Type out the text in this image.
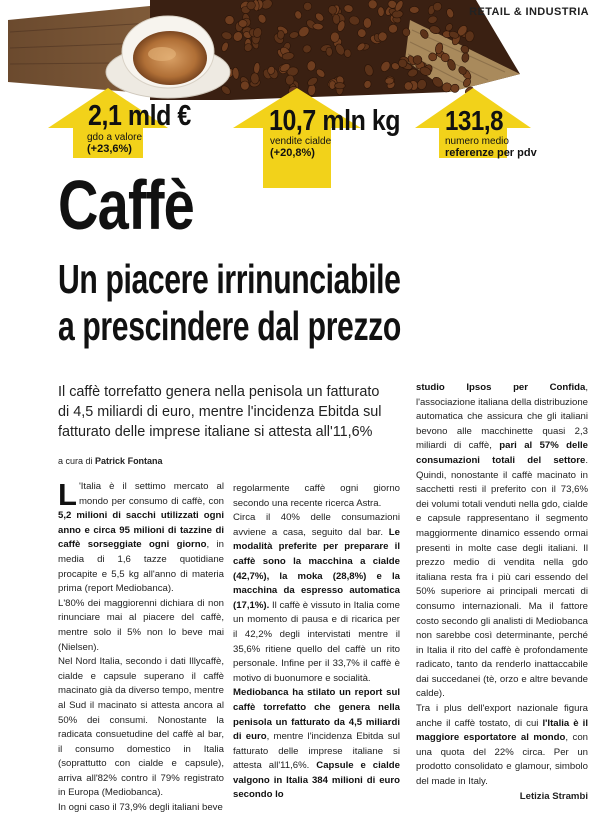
RETAIL & INDUSTRIA
2,1 mld €
gdo a valore
(+23,6%)
10,7 mln kg
vendite cialde
(+20,8%)
131,8
numero medio
referenze per pdv
Caffè
Un piacere irrinunciabile
a prescindere dal prezzo

Il caffè torrefatto genera nella penisola un fatturato di 4,5 miliardi di euro, mentre l'incidenza Ebitda sul fatturato delle imprese italiane si attesta all'11,6%

a cura di Patrick Fontana

L 'Italia è il settimo mercato al mondo per consumo di caffè, con 5,2 milioni di sacchi utilizzati ogni anno e circa 95 milioni di tazzine di caffè sorseggiate ogni giorno, in media di 1,6 tazze quotidiane procapite e 5,5 kg all'anno di materia prima (report Mediobanca).

L'80% dei maggiorenni dichiara di non rinunciare mai al piacere del caffè, mentre solo il 5% non lo beve mai (Nielsen).

Nel Nord Italia, secondo i dati Illycaffè, cialde e capsule superano il caffè macinato già da diverso tempo, mentre al Sud il macinato si attesta ancora al 50% dei consumi. Nonostante la radicata consuetudine del caffè al bar, il consumo domestico in Italia (soprattutto con cialde e capsule), arriva all'82% contro il 79% registrato in Europa (Mediobanca).

In ogni caso il 73,9% degli italiani beve

regolarmente caffè ogni giorno secondo una recente ricerca Astra.

Circa il 40% delle consumazioni avviene a casa, seguito dal bar. Le modalità preferite per preparare il caffè sono la macchina a cialde (42,7%), la moka (28,8%) e la macchina da espresso automatica (17,1%). Il caffè è vissuto in Italia come un momento di pausa e di ricarica per il 42,2% degli intervistati mentre il 35,6% ritiene quello del caffè un rito personale. Infine per il 33,7% il caffè è motivo di buonumore e socialità.

Mediobanca ha stilato un report sul caffè torrefatto che genera nella penisola un fatturato da 4,5 miliardi di euro, mentre l'incidenza Ebitda sul fatturato delle imprese italiane si attesta all'11,6%. Capsule e cialde valgono in Italia 384 milioni di euro secondo lo

studio Ipsos per Confida, l'associazione italiana della distribuzione automatica che assicura che gli italiani bevono alle macchinette quasi 2,3 miliardi di caffè, pari al 57% delle consumazioni totali del settore. Quindi, nonostante il caffè macinato in sacchetti resti il preferito con il 73,6% dei volumi totali venduti nella gdo, cialde e capsule rappresentano il segmento maggiormente dinamico essendo ormai presenti in molte case degli italiani. Il prezzo medio di vendita nella gdo italiana resta fra i più cari essendo del 50% superiore ai principali mercati di consumo internazionali. Ma il fattore costo secondo gli analisti di Mediobanca non sarebbe così determinante, perché in Italia il rito del caffè è profondamente radicato, tanto da renderlo inattaccabile dai succedanei (tè, orzo e altre bevande calde).

Tra i plus dell'export nazionale figura anche il caffè tostato, di cui l'Italia è il maggiore esportatore al mondo, con una quota del 22% circa. Per un prodotto consolidato e glamour, simbolo del made in Italy.

Letizia Strambi
